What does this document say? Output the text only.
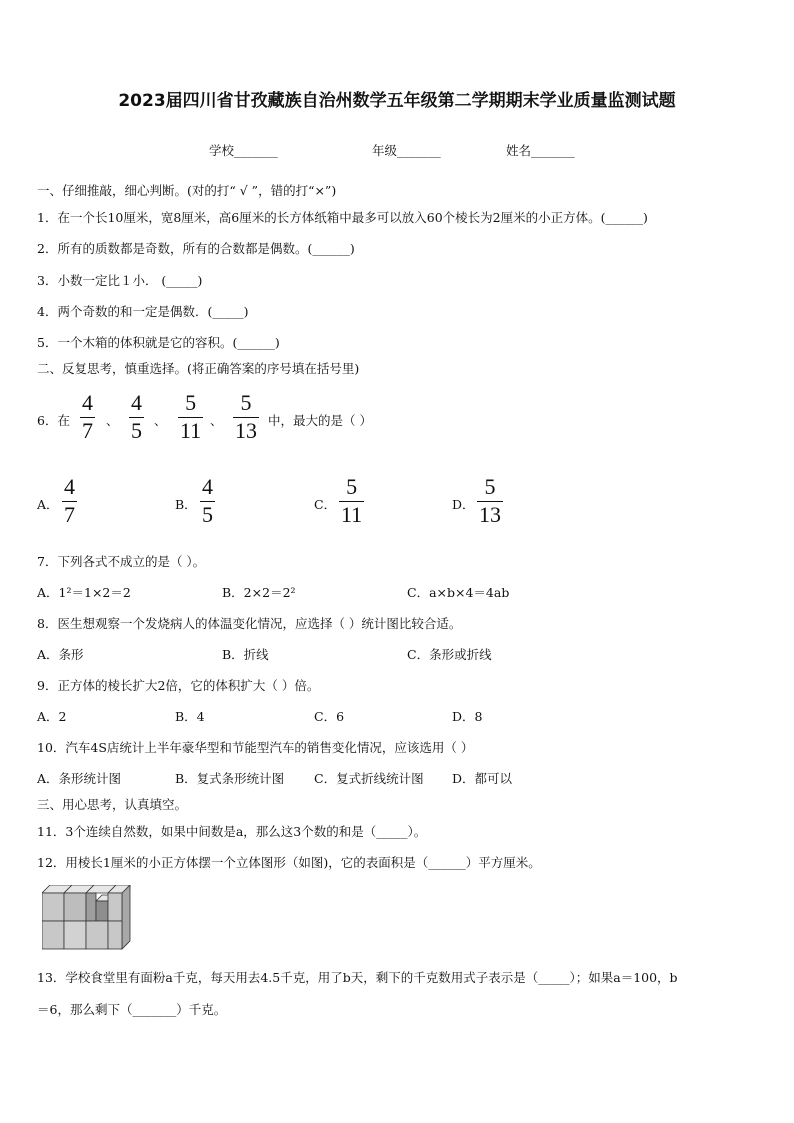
2023届四川省甘孜藏族自治州数学五年级第二学期期末学业质量监测试题
学校_______	年级_______	姓名_______
一、仔细推敲，细心判断。(对的打“ √ ”，错的打“×”)
1．在一个长10厘米，宽8厘米，高6厘米的长方体纸箱中最多可以放入60个棱长为2厘米的小正方体。(______)
2．所有的质数都是奇数，所有的合数都是偶数。(______)
3．小数一定比１小． (_____)
4．两个奇数的和一定是偶数．(_____)
5．一个木箱的体积就是它的容积。(______)
二、反复思考，慎重选择。(将正确答案的序号填在括号里)
6．在
4
7 、
4
5 、
5
11 、
5
13 中，最大的是（ ）
A．
4
7	B．
4
5	C．
5
11	D．
5
13
7．下列各式不成立的是（ ）。
A．1²＝1×2＝2	B．2×2＝2²	C．a×b×4＝4ab
8．医生想观察一个发烧病人的体温变化情况，应选择（ ）统计图比较合适。
A．条形	B．折线	C．条形或折线
9．正方体的棱长扩大2倍，它的体积扩大（ ）倍。
A．2	B．4	C．6	D．8
10．汽车4S店统计上半年豪华型和节能型汽车的销售变化情况，应该选用（ ）
A．条形统计图	B．复式条形统计图 C．复式折线统计图 D．都可以
三、用心思考，认真填空。
11．3个连续自然数，如果中间数是a，那么这3个数的和是（_____）。
12．用棱长1厘米的小正方体摆一个立体图形（如图)，它的表面积是（______）平方厘米。
13．学校食堂里有面粉a千克，每天用去4.5千克，用了b天，剩下的千克数用式子表示是（_____）；如果a＝100，b
＝6，那么剩下（_______）千克。
